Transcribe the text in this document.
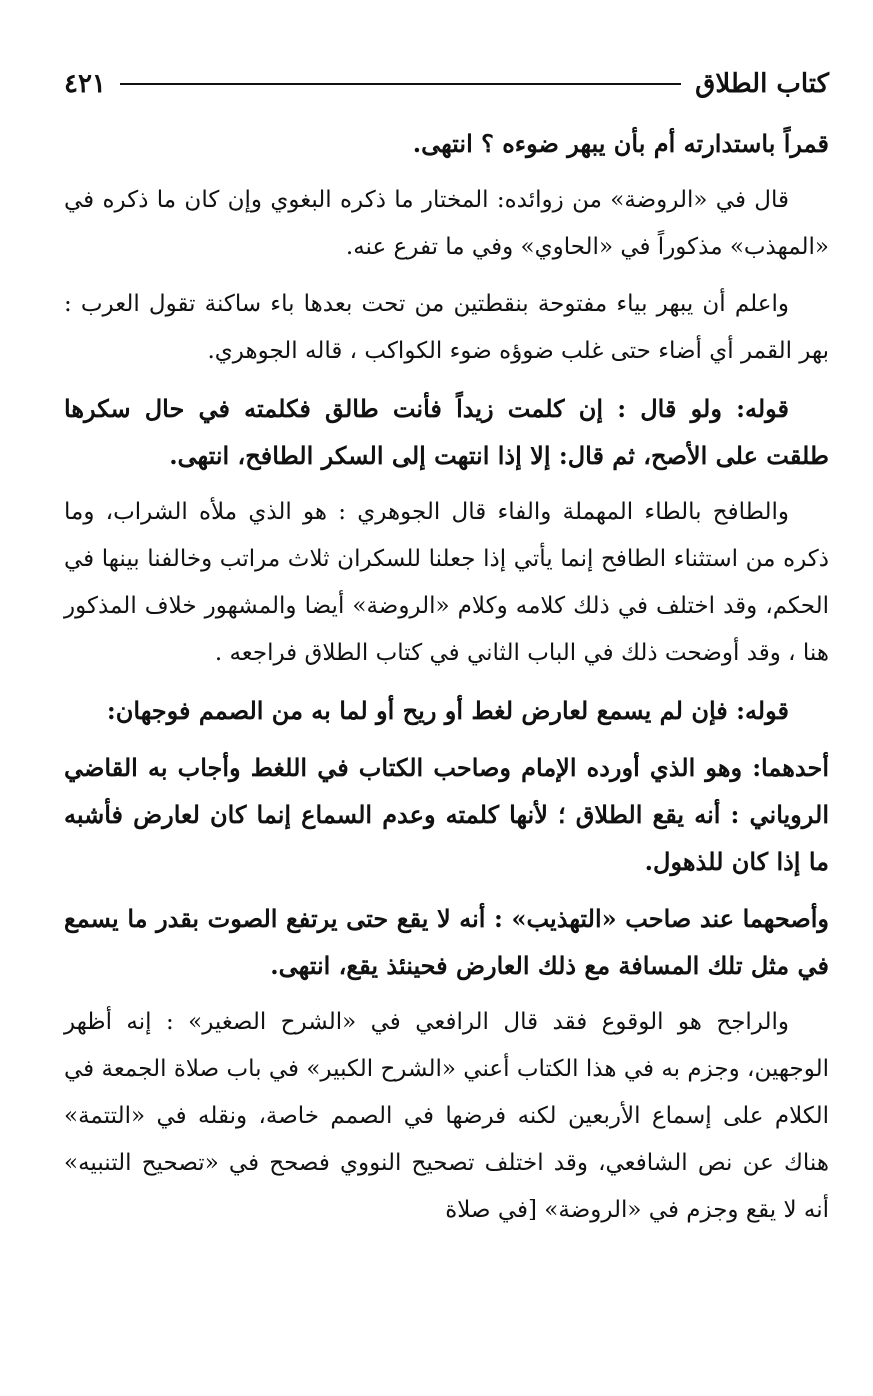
كتاب الطلاق
٤٢١

قمراً باستدارته أم بأن يبهر ضوءه ؟ انتهى.

قال في «الروضة» من زوائده: المختار ما ذكره البغوي وإن كان ما ذكره في «المهذب» مذكوراً في «الحاوي» وفي ما تفرع عنه.

واعلم أن يبهر بياء مفتوحة بنقطتين من تحت بعدها باء ساكنة تقول العرب : بهر القمر أي أضاء حتى غلب ضوؤه ضوء الكواكب ، قاله الجوهري.

قوله: ولو قال : إن كلمت زيداً فأنت طالق فكلمته في حال سكرها طلقت على الأصح، ثم قال: إلا إذا انتهت إلى السكر الطافح، انتهى.

والطافح بالطاء المهملة والفاء قال الجوهري : هو الذي ملأه الشراب، وما ذكره من استثناء الطافح إنما يأتي إذا جعلنا للسكران ثلاث مراتب وخالفنا بينها في الحكم، وقد اختلف في ذلك كلامه وكلام «الروضة» أيضا والمشهور خلاف المذكور هنا ، وقد أوضحت ذلك في الباب الثاني في كتاب الطلاق فراجعه .

قوله: فإن لم يسمع لعارض لغط أو ريح أو لما به من الصمم فوجهان:

أحدهما: وهو الذي أورده الإمام وصاحب الكتاب في اللغط وأجاب به القاضي الروياني : أنه يقع الطلاق ؛ لأنها كلمته وعدم السماع إنما كان لعارض فأشبه ما إذا كان للذهول.

وأصحهما عند صاحب «التهذيب» : أنه لا يقع حتى يرتفع الصوت بقدر ما يسمع في مثل تلك المسافة مع ذلك العارض فحينئذ يقع، انتهى.

والراجح هو الوقوع فقد قال الرافعي في «الشرح الصغير» : إنه أظهر الوجهين، وجزم به في هذا الكتاب أعني «الشرح الكبير» في باب صلاة الجمعة في الكلام على إسماع الأربعين لكنه فرضها في الصمم خاصة، ونقله في «التتمة» هناك عن نص الشافعي، وقد اختلف تصحيح النووي فصحح في «تصحيح التنبيه» أنه لا يقع وجزم في «الروضة» [في صلاة
